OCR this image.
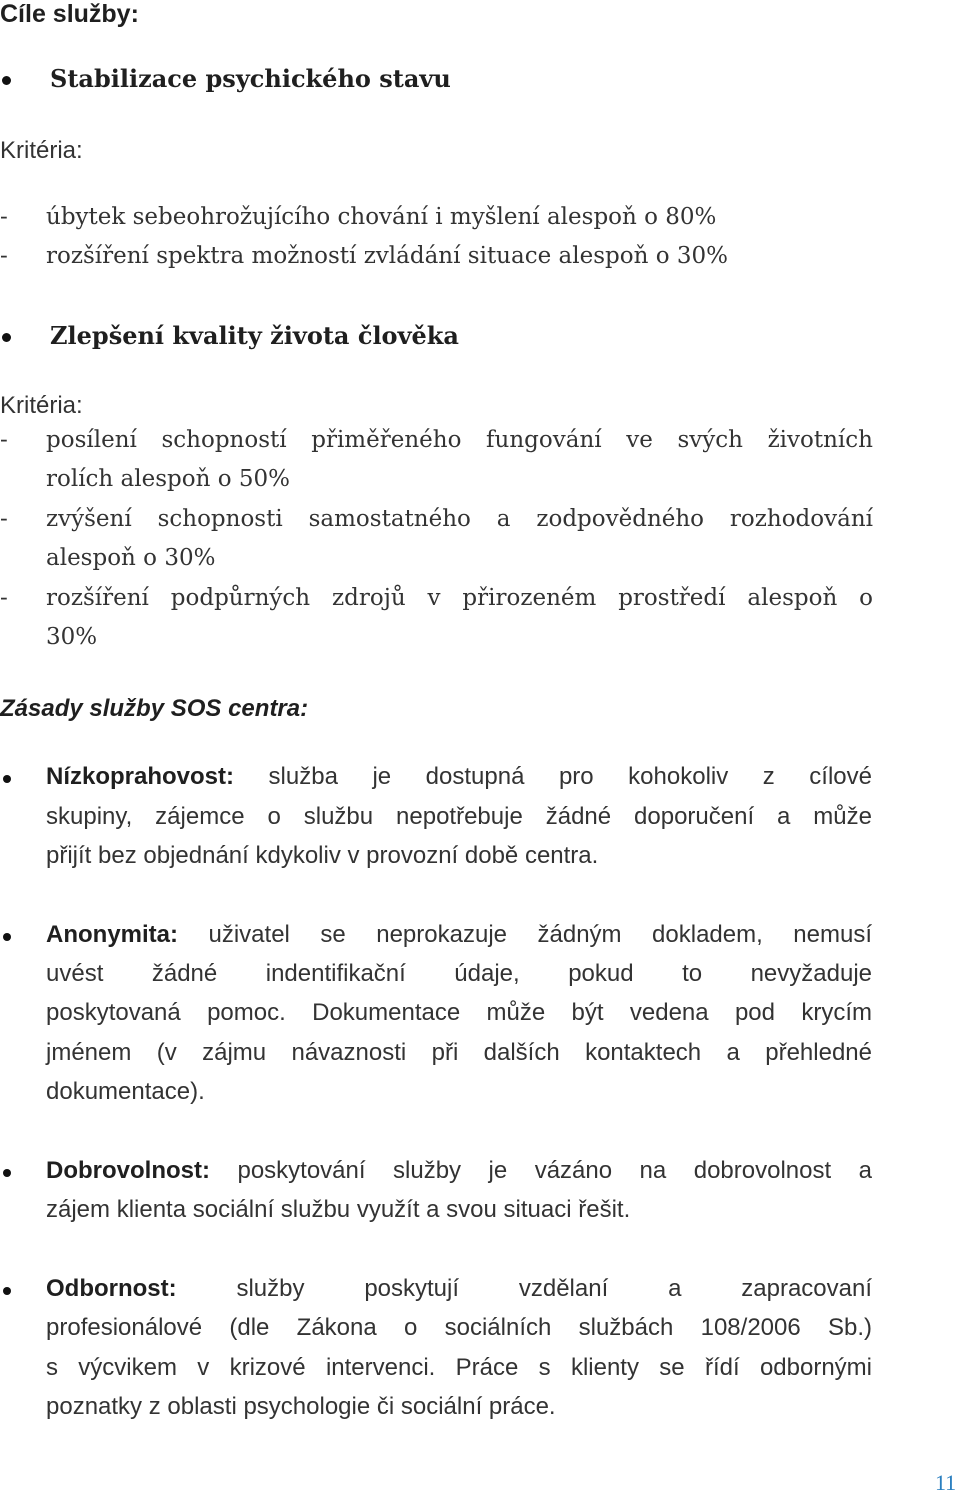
Cíle služby:
Stabilizace psychického stavu
Kritéria:
- úbytek sebeohrožujícího chování i myšlení alespoň o 80%
- rozšíření spektra možností zvládání situace alespoň o 30%
Zlepšení kvality života člověka
Kritéria:
- posílení schopností přiměřeného fungování ve svých životních
rolích alespoň o 50%
- zvýšení schopnosti samostatného a zodpovědného rozhodování
alespoň o 30%
- rozšíření podpůrných zdrojů v přirozeném prostředí alespoň o
30%
Zásady služby SOS centra:
Nízkoprahovost: služba je dostupná pro kohokoliv z cílové
skupiny, zájemce o službu nepotřebuje žádné doporučení a může
přijít bez objednání kdykoliv v provozní době centra.
Anonymita: uživatel se neprokazuje žádným dokladem, nemusí
uvést žádné indentifikační údaje, pokud to nevyžaduje
poskytovaná pomoc. Dokumentace může být vedena pod krycím
jménem (v zájmu návaznosti při dalších kontaktech a přehledné
dokumentace).
Dobrovolnost: poskytování služby je vázáno na dobrovolnost a
zájem klienta sociální službu využít a svou situaci řešit.
Odbornost: služby poskytují vzdělaní a zapracovaní
profesionálové (dle Zákona o sociálních službách 108/2006 Sb.)
s výcvikem v krizové intervenci. Práce s klienty se řídí odbornými
poznatky z oblasti psychologie či sociální práce.
11
